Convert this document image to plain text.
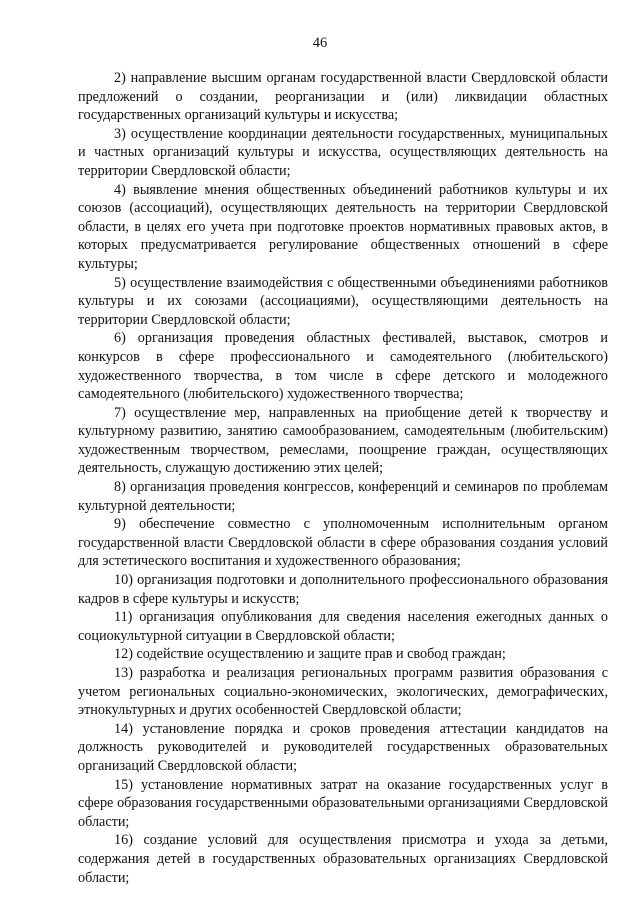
46

2) направление высшим органам государственной власти Свердловской области предложений о создании, реорганизации и (или) ликвидации областных государственных организаций культуры и искусства;

3) осуществление координации деятельности государственных, муниципальных и частных организаций культуры и искусства, осуществляющих деятельность на территории Свердловской области;

4) выявление мнения общественных объединений работников культуры и их союзов (ассоциаций), осуществляющих деятельность на территории Свердловской области, в целях его учета при подготовке проектов нормативных правовых актов, в которых предусматривается регулирование общественных отношений в сфере культуры;

5) осуществление взаимодействия с общественными объединениями работников культуры и их союзами (ассоциациями), осуществляющими деятельность на территории Свердловской области;

6) организация проведения областных фестивалей, выставок, смотров и конкурсов в сфере профессионального и самодеятельного (любительского) художественного творчества, в том числе в сфере детского и молодежного самодеятельного (любительского) художественного творчества;

7) осуществление мер, направленных на приобщение детей к творчеству и культурному развитию, занятию самообразованием, самодеятельным (любительским) художественным творчеством, ремеслами, поощрение граждан, осуществляющих деятельность, служащую достижению этих целей;

8) организация проведения конгрессов, конференций и семинаров по проблемам культурной деятельности;

9) обеспечение совместно с уполномоченным исполнительным органом государственной власти Свердловской области в сфере образования создания условий для эстетического воспитания и художественного образования;

10) организация подготовки и дополнительного профессионального образования кадров в сфере культуры и искусств;

11) организация опубликования для сведения населения ежегодных данных о социокультурной ситуации в Свердловской области;

12) содействие осуществлению и защите прав и свобод граждан;

13) разработка и реализация региональных программ развития образования с учетом региональных социально-экономических, экологических, демографических, этнокультурных и других особенностей Свердловской области;

14) установление порядка и сроков проведения аттестации кандидатов на должность руководителей и руководителей государственных образовательных организаций Свердловской области;

15) установление нормативных затрат на оказание государственных услуг в сфере образования государственными образовательными организациями Свердловской области;

16) создание условий для осуществления присмотра и ухода за детьми, содержания детей в государственных образовательных организациях Свердловской области;
